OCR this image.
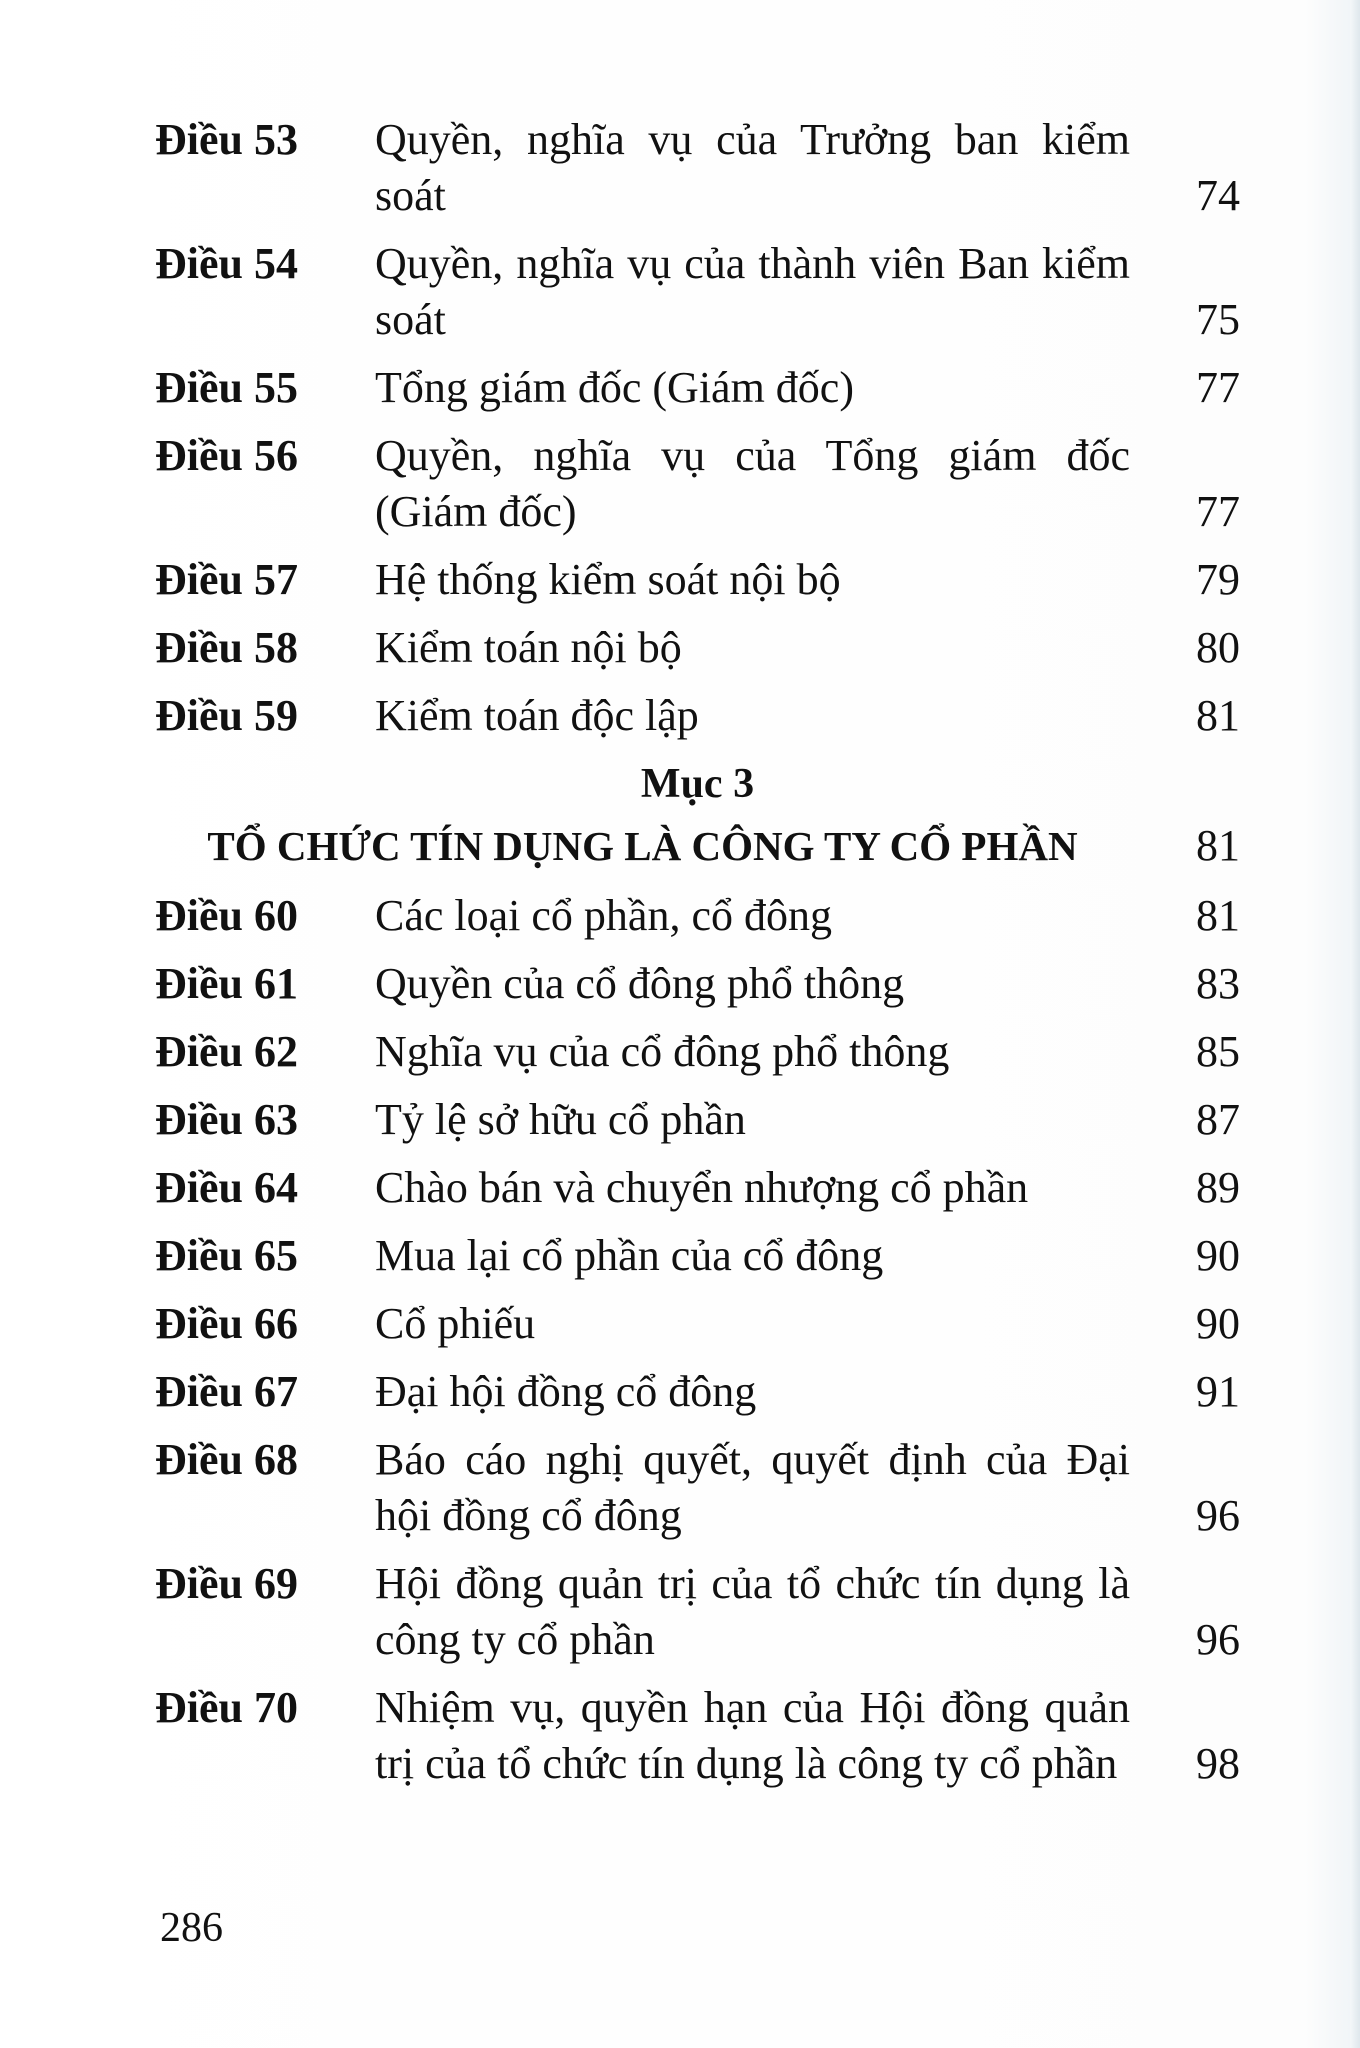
Điều 53	Quyền, nghĩa vụ của Trưởng ban kiểm soát	74
Điều 54	Quyền, nghĩa vụ của thành viên Ban kiểm soát	75
Điều 55	Tổng giám đốc (Giám đốc)	77
Điều 56	Quyền, nghĩa vụ của Tổng giám đốc (Giám đốc)	77
Điều 57	Hệ thống kiểm soát nội bộ	79
Điều 58	Kiểm toán nội bộ	80
Điều 59	Kiểm toán độc lập	81
Mục 3
TỔ CHỨC TÍN DỤNG LÀ CÔNG TY CỔ PHẦN	81
Điều 60	Các loại cổ phần, cổ đông	81
Điều 61	Quyền của cổ đông phổ thông	83
Điều 62	Nghĩa vụ của cổ đông phổ thông	85
Điều 63	Tỷ lệ sở hữu cổ phần	87
Điều 64	Chào bán và chuyển nhượng cổ phần	89
Điều 65	Mua lại cổ phần của cổ đông	90
Điều 66	Cổ phiếu	90
Điều 67	Đại hội đồng cổ đông	91
Điều 68	Báo cáo nghị quyết, quyết định của Đại hội đồng cổ đông	96
Điều 69	Hội đồng quản trị của tổ chức tín dụng là công ty cổ phần	96
Điều 70	Nhiệm vụ, quyền hạn của Hội đồng quản trị của tổ chức tín dụng là công ty cổ phần	98
286
